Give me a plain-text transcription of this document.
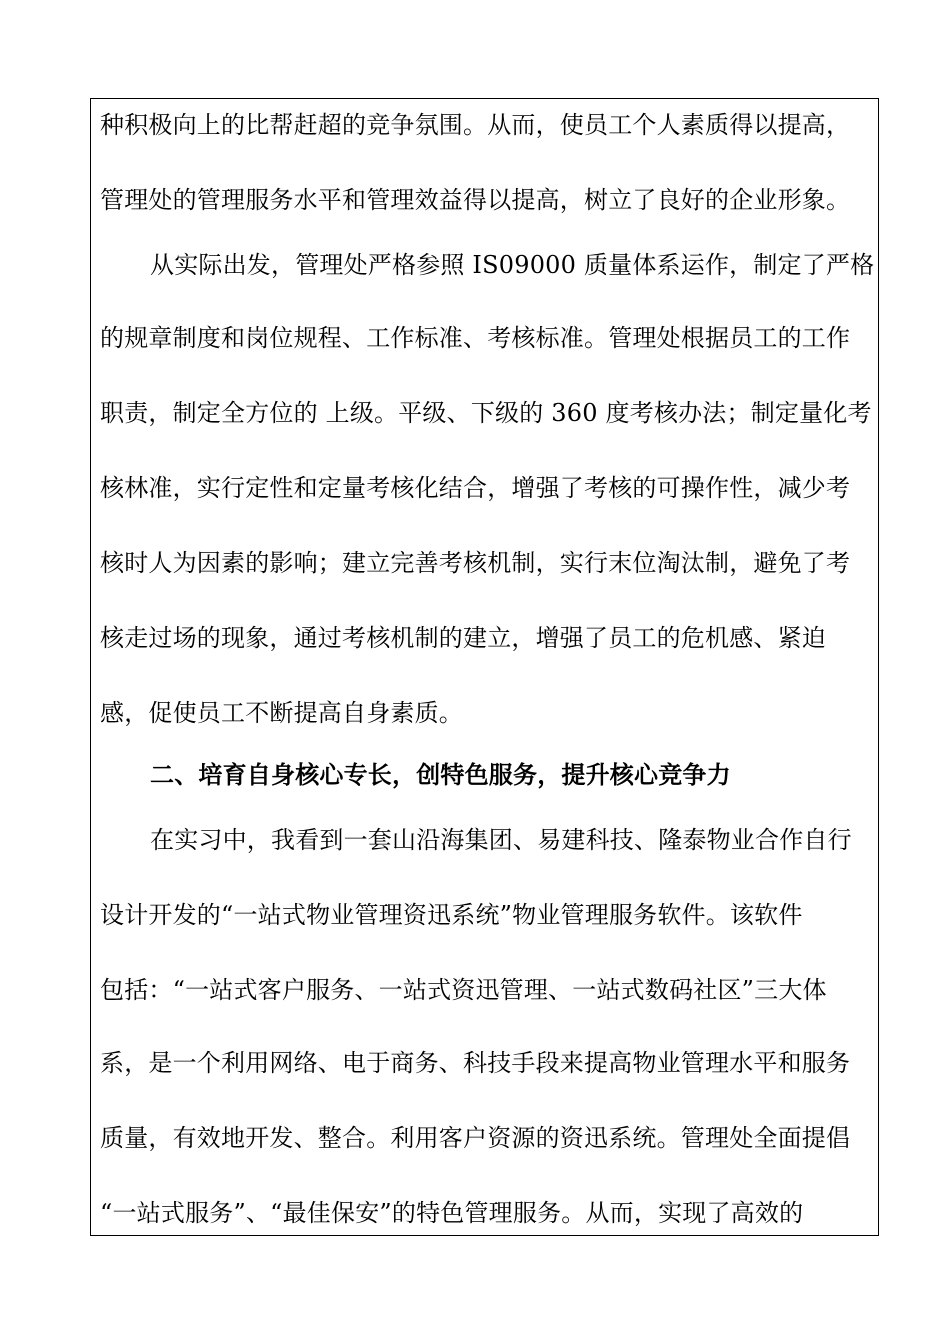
种积极向上的比帮赶超的竞争氛围。从而，使员工个人素质得以提高，
管理处的管理服务水平和管理效益得以提高，树立了良好的企业形象。
从实际出发，管理处严格参照 IS09000 质量体系运作，制定了严格
的规章制度和岗位规程、工作标准、考核标准。管理处根据员工的工作
职责，制定全方位的 上级。平级、下级的 360 度考核办法；制定量化考
核林准，实行定性和定量考核化结合，增强了考核的可操作性，减少考
核时人为因素的影响；建立完善考核机制，实行末位淘汰制，避免了考
核走过场的现象，通过考核机制的建立，增强了员工的危机感、紧迫
感，促使员工不断提高自身素质。
二、培育自身核心专长，创特色服务，提升核心竞争力
在实习中，我看到一套山沿海集团、易建科技、隆泰物业合作自行
设计开发的“一站式物业管理资迅系统”物业管理服务软件。该软件
包括：“一站式客户服务、一站式资迅管理、一站式数码社区”三大体
系，是一个利用网络、电于商务、科技手段来提高物业管理水平和服务
质量，有效地开发、整合。利用客户资源的资迅系统。管理处全面提倡
“一站式服务”、“最佳保安”的特色管理服务。从而，实现了高效的
